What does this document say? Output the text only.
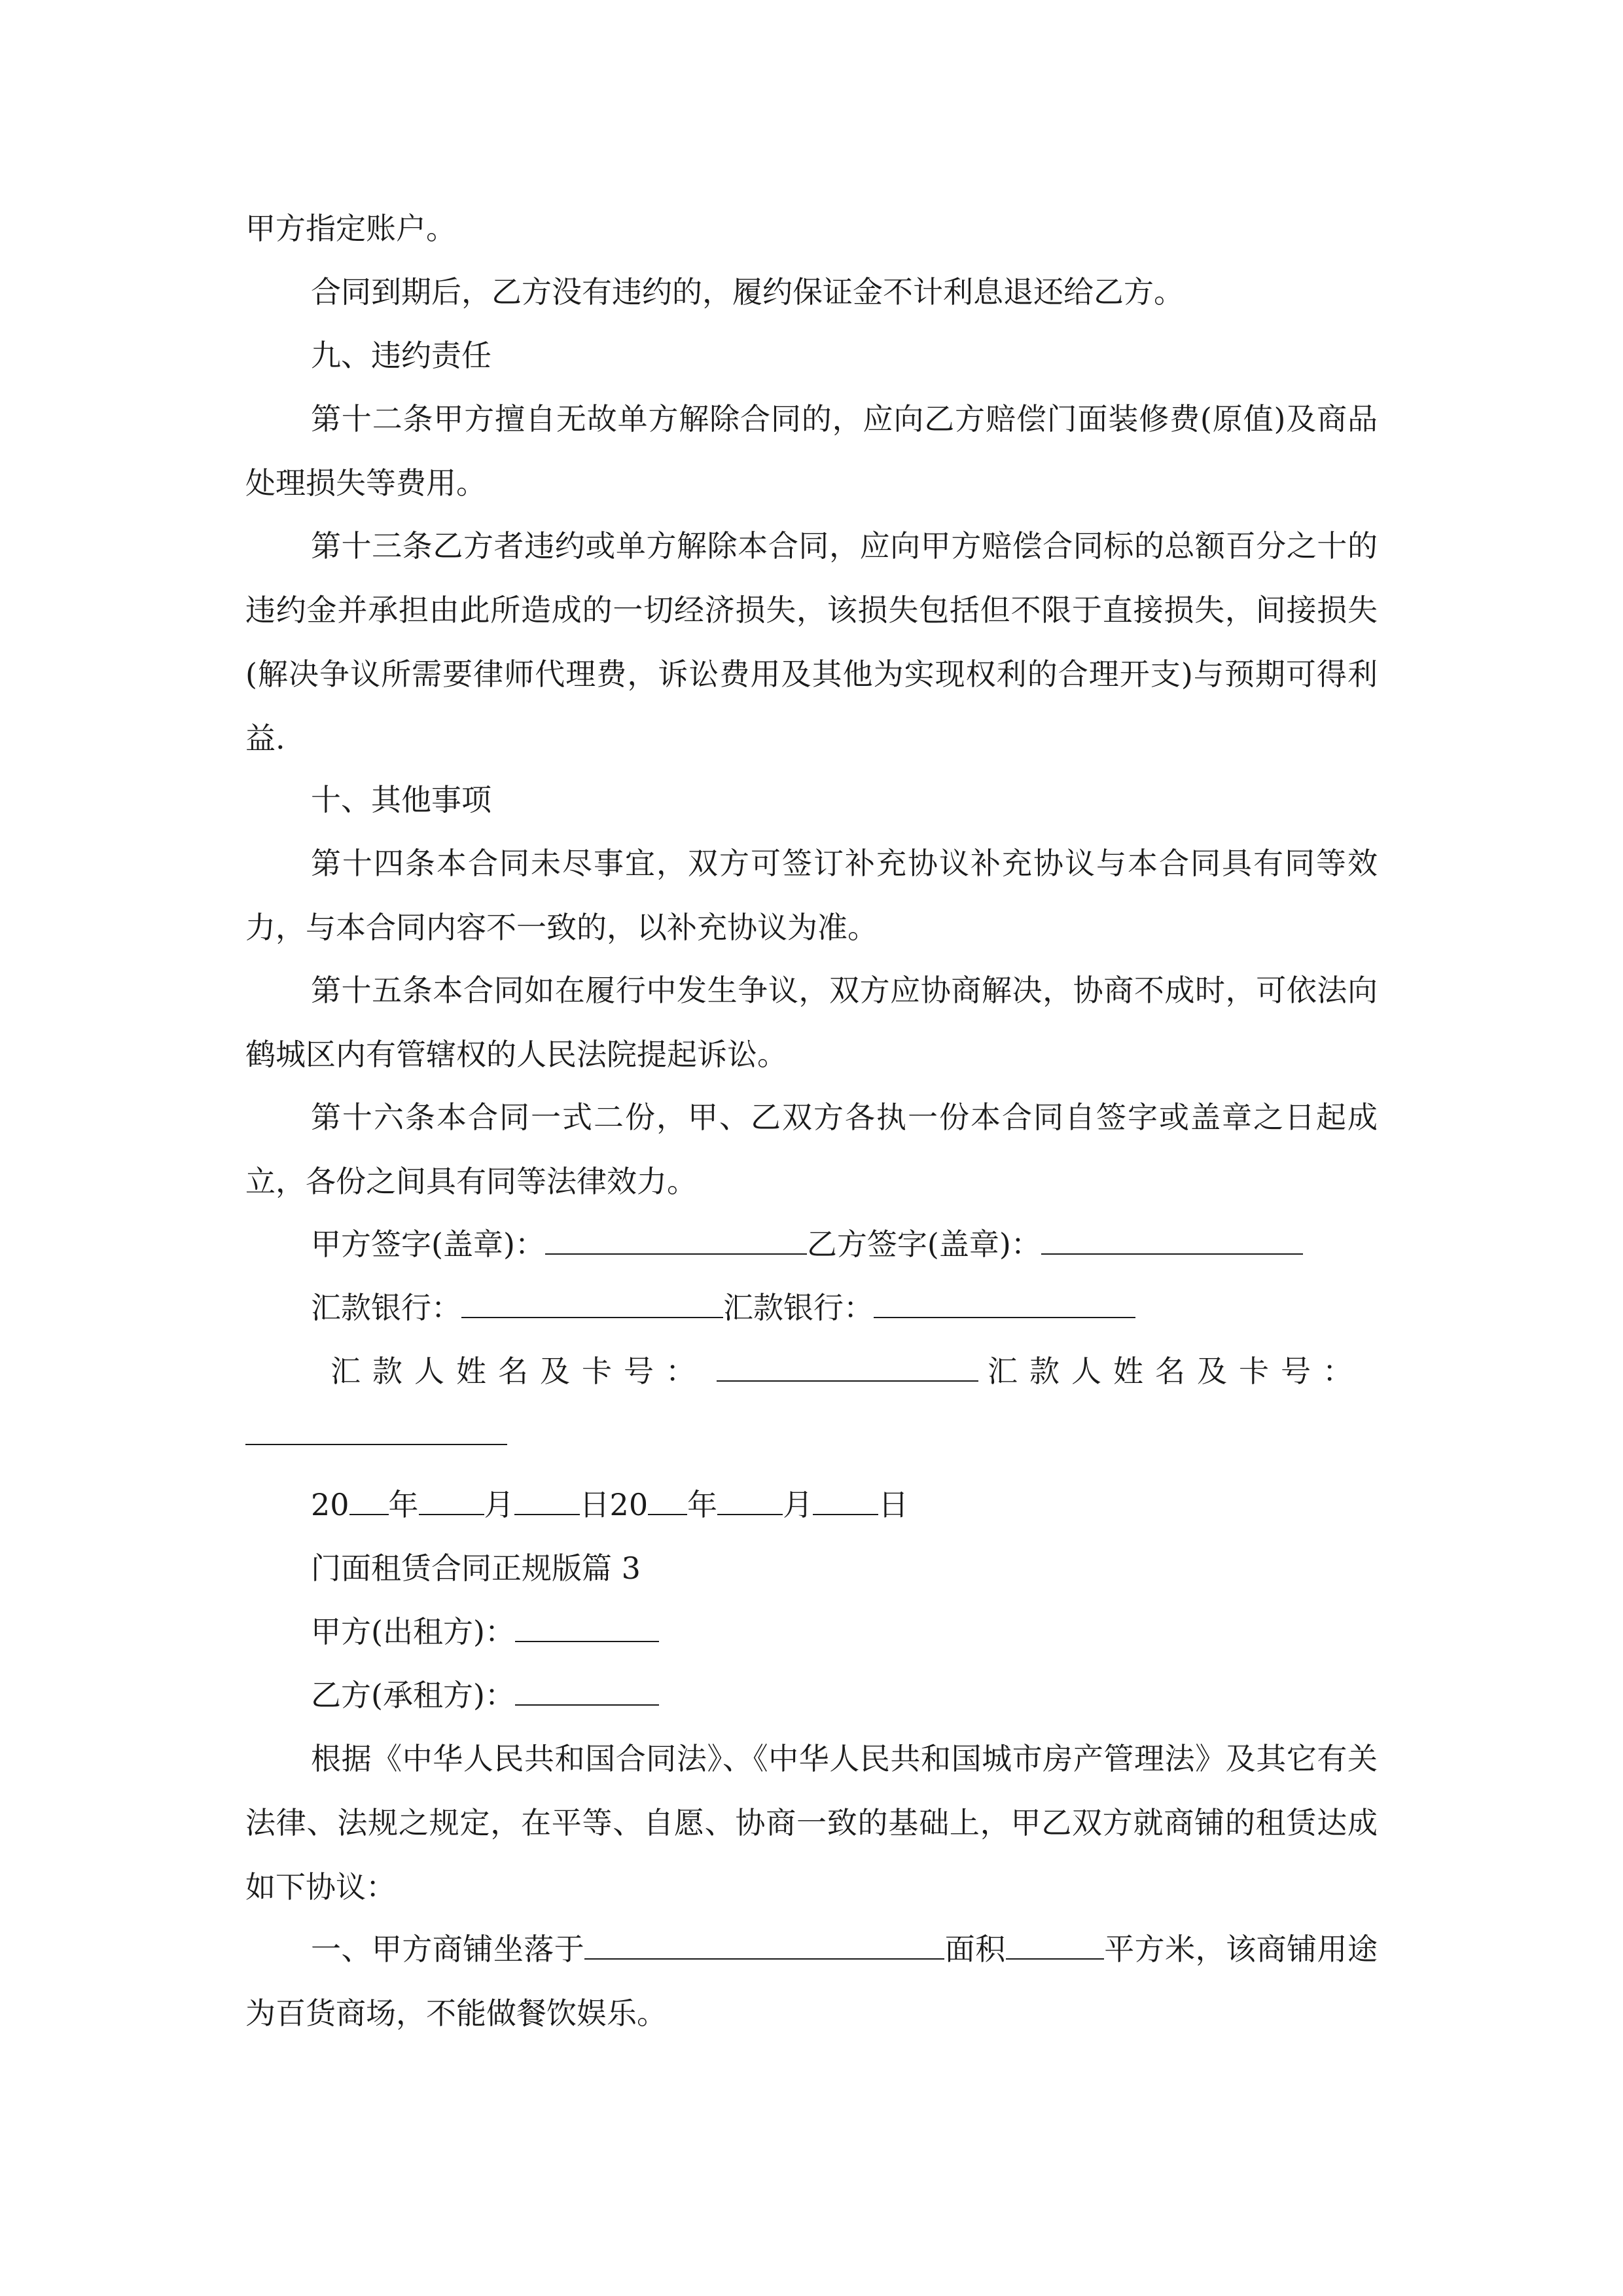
甲方指定账户。

合同到期后，乙方没有违约的，履约保证金不计利息退还给乙方。

九、违约责任

第十二条甲方擅自无故单方解除合同的，应向乙方赔偿门面装修费(原值)及商品处理损失等费用。

第十三条乙方者违约或单方解除本合同，应向甲方赔偿合同标的总额百分之十的违约金并承担由此所造成的一切经济损失，该损失包括但不限于直接损失，间接损失(解决争议所需要律师代理费，诉讼费用及其他为实现权利的合理开支)与预期可得利益.

十、其他事项

第十四条本合同未尽事宜，双方可签订补充协议补充协议与本合同具有同等效力，与本合同内容不一致的，以补充协议为准。

第十五条本合同如在履行中发生争议，双方应协商解决，协商不成时，可依法向鹤城区内有管辖权的人民法院提起诉讼。

第十六条本合同一式二份，甲、乙双方各执一份本合同自签字或盖章之日起成立，各份之间具有同等法律效力。

甲方签字(盖章)：	乙方签字(盖章)：
汇款银行：	汇款银行：
汇款人姓名及卡号：	汇款人姓名及卡号：
20 年 月 日20 年 月 日

门面租赁合同正规版篇 3

甲方(出租方)：
乙方(承租方)：

根据《中华人民共和国合同法》、《中华人民共和国城市房产管理法》及其它有关法律、法规之规定，在平等、自愿、协商一致的基础上，甲乙双方就商铺的租赁达成如下协议：

一、甲方商铺坐落于	面积	平方米，该商铺用途为百货商场，不能做餐饮娱乐。
